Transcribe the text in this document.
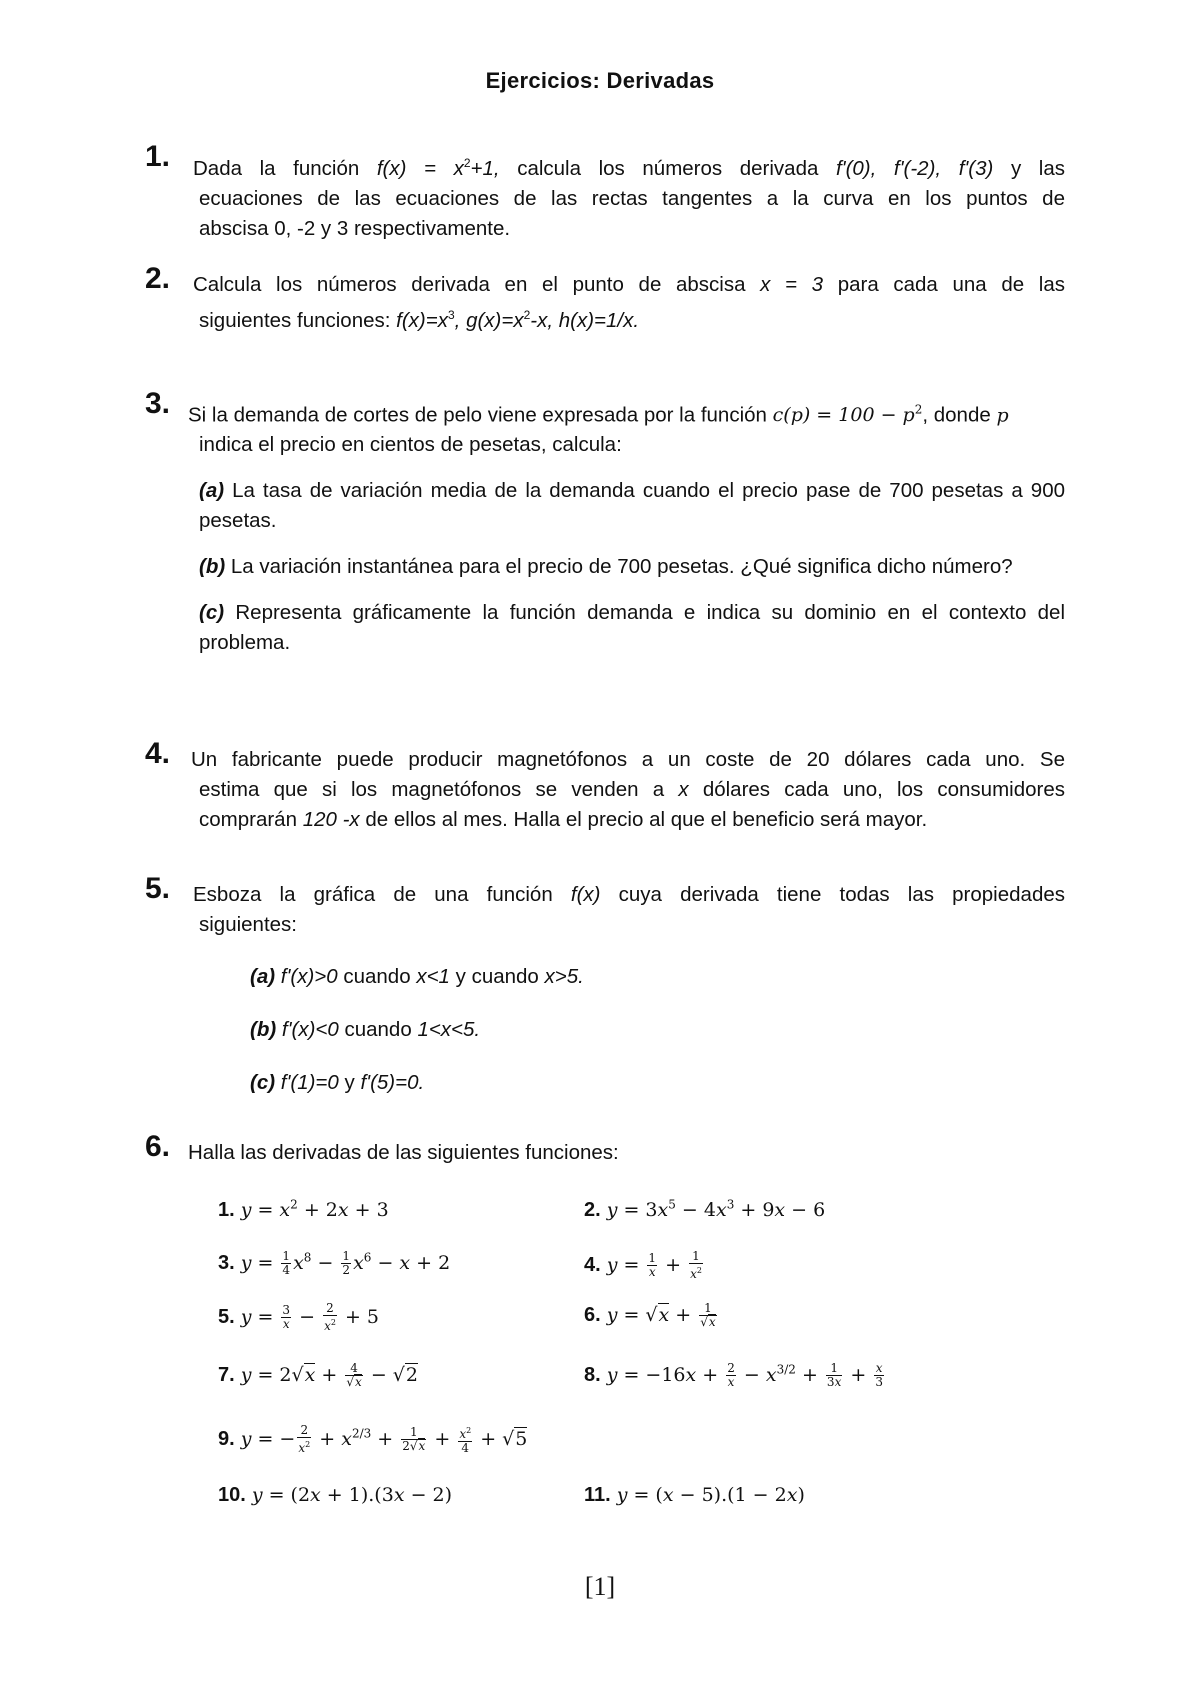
Ejercicios: Derivadas
1. Dada la función $f(x) = x^2+1$, calcula los números derivada f'(0), f'(-2), f'(3) y las
ecuaciones de las ecuaciones de las rectas tangentes a la curva en los puntos de
abscisa 0, -2 y 3 respectivamente.
2. Calcula los números derivada en el punto de abscisa x = 3 para cada una de las
siguientes funciones: $f(x)=x^3$, $g(x)=x^2-x$, h(x)=1/x.
3. Si la demanda de cortes de pelo viene expresada por la función $c(p) = 100 - p^2$, donde p
indica el precio en cientos de pesetas, calcula:
(a) La tasa de variación media de la demanda cuando el precio pase de 700 pesetas a 900 pesetas.
(b) La variación instantánea para el precio de 700 pesetas. ¿Qué significa dicho número?
(c) Representa gráficamente la función demanda e indica su dominio en el contexto del problema.
4. Un fabricante puede producir magnetófonos a un coste de 20 dólares cada uno. Se
estima que si los magnetófonos se venden a x dólares cada uno, los consumidores
comprarán 120 -x de ellos al mes. Halla el precio al que el beneficio será mayor.
5. Esboza la gráfica de una función f(x) cuya derivada tiene todas las propiedades
siguientes:
(a) f'(x)>0 cuando x<1 y cuando x>5.
(b) f'(x)<0 cuando 1<x<5.
(c) f'(1)=0 y f'(5)=0.
6. Halla las derivadas de las siguientes funciones:
1. $y = x^2 + 2x + 3$	2. $y = 3x^5 - 4x^3 + 9x - 6$
3. $y = \frac{1}{4} x^8 - \frac{1}{2} x^6 - x + 2$	4. $y = \frac{1}{x} + \frac{1}{x^2}$
5. $y = \frac{3}{x} - \frac{2}{x^2} + 5$	6. $y = √x + \frac{1}{√x}$
7. $y = 2√x + \frac{4}{√x} - √2$	8. $y = -16x + \frac{2}{x} - x^{3/2} + \frac{1}{3x} + \frac{x}{3}$
9. y = − $\frac{2}{x^2} + x^{2/3} + \frac{1}{2√x} + \frac{x^2}{4} + √5$
10. y = (2x + 1).(3x − 2)	11. y = (x − 5).(1 − 2x)
[1]
